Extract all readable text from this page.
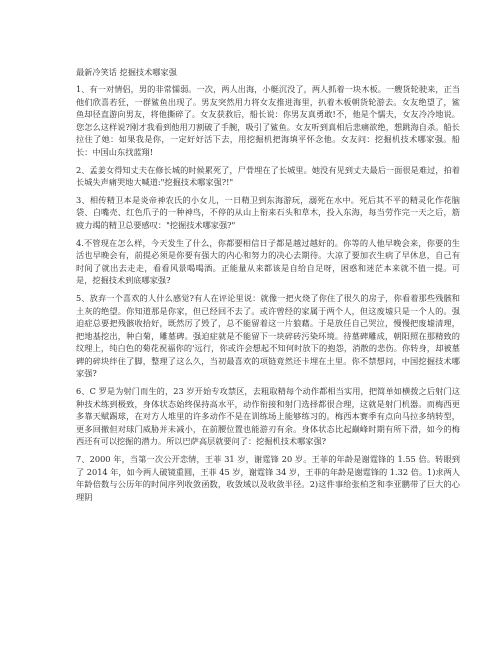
最新冷笑话 挖掘技术哪家强

1、有一对情侣，男的非常懦弱。一次，两人出海，小艇沉没了，两人抓着一块木板。一艘货轮驶来，正当他们欣喜若狂，一群鲨鱼出现了。男友突然用力将女友推进海里，扒着木板朝货轮游去。女友绝望了，鲨鱼却径直游向男友，将他撕碎了。女友获救后，船长说：你男友真勇敢!不，他是个懦夫，女友冷冷地说。您怎么这样说?刚才我看到他用刀割破了手腕，吸引了鲨鱼。女友听到真相后悲痛欲绝，想跳海自杀。船长拉住了她：如果我是你，一定好好活下去，用挖掘机把海填平怀念他。女友问：挖掘机技术哪家强。船长：中国山东找蓝翔!

2、孟姜女得知丈夫在修长城的时候累死了，尸骨埋在了长城里。她没有见到丈夫最后一面很是难过，拍着长城失声痛哭地大喊道:"挖掘技术哪家强?!"

3、相传精卫本是炎帝神农氏的小女儿，一日精卫到东海游玩，溺死在水中。死后其不平的精灵化作花脑袋、白嘴壳、红色爪子的一种神鸟，不停的从山上衔来石头和草木，投入东海，每当劳作完一天之后，筋疲力竭的精卫总要感叹："挖掘技术哪家强?"

4.不管现在怎么样，今天发生了什么，你都要相信日子都是越过越好的。你等的人他早晚会来，你要的生活也早晚会有，前提必须是你要有强大的内心和努力的决心去期待。大凉了要加衣生病了早休息，自己有时间了就出去走走，看看风景喝喝酒。正能量从来都该是自给自足呀，困惑和迷茫本来就不值一提。可是，挖掘技术到底哪家强?

5、放弃一个喜欢的人什么感觉?有人在评论里说：就像一把火烧了你住了很久的房子，你看着那些残骸和土灰的绝望。你知道那是你家，但已经回不去了。或许曾经的家属于两个人，但这废墟只是一个人的。强迫症总要把残骸收拾好，既然厉了毁了，总不能留着这一片狼藉。于是放任自己哭泣，慢慢把废墟清理，把地基挖出，种白菊，雕墓碑。强迫症就是不能留下一块碎砖污染环境。待墓碑雕成，朝阳照在那精致的纹理上，纯白色的菊花祝福你的'远行，你或许会想起不知何时放下的抱怨，消散的悲伤。你转身，却被墓碑的碎块绊住了脚，整理了这么久，当初最喜欢的项链竟然还卡埋在土里。你不禁想问，中国挖掘技术哪家强?

6、C 罗是为射门而生的，23 岁开始专攻禁区，去粗取精每个动作都相当实用，把简单如横拨之后射门这种技术练到极致，身体状态始终保持高水平，动作衔接和射门选择都很合理，这就是射门机器。而梅西更多靠天赋踢球，在对方人堆里的许多动作不是在训练场上能够练习的。梅西本赛季有点向马拉多纳转型，更多回撤但对球门威胁并未减小，在前腰位置也能游刃有余。身体状态比起巅峰时期有所下滑，如今的梅西还有可以挖掘的潜力。所以巴萨高层就要问了：挖掘机技术哪家强?

7、2000 年，当第一次公开恋情，王菲 31 岁，谢霆锋 20 岁。王菲的年龄是谢霆锋的 1.55 倍。转眼到了 2014 年，如今两人破镜重圆，王菲 45 岁，谢霆锋 34 岁，王菲的年龄是谢霆锋的 1.32 倍。1)求两人年龄倍数与公历年的时间序列收敛函数，收敛域以及收敛半径。2)这件事给张柏芝和李亚鹏带了巨大的心理阴
